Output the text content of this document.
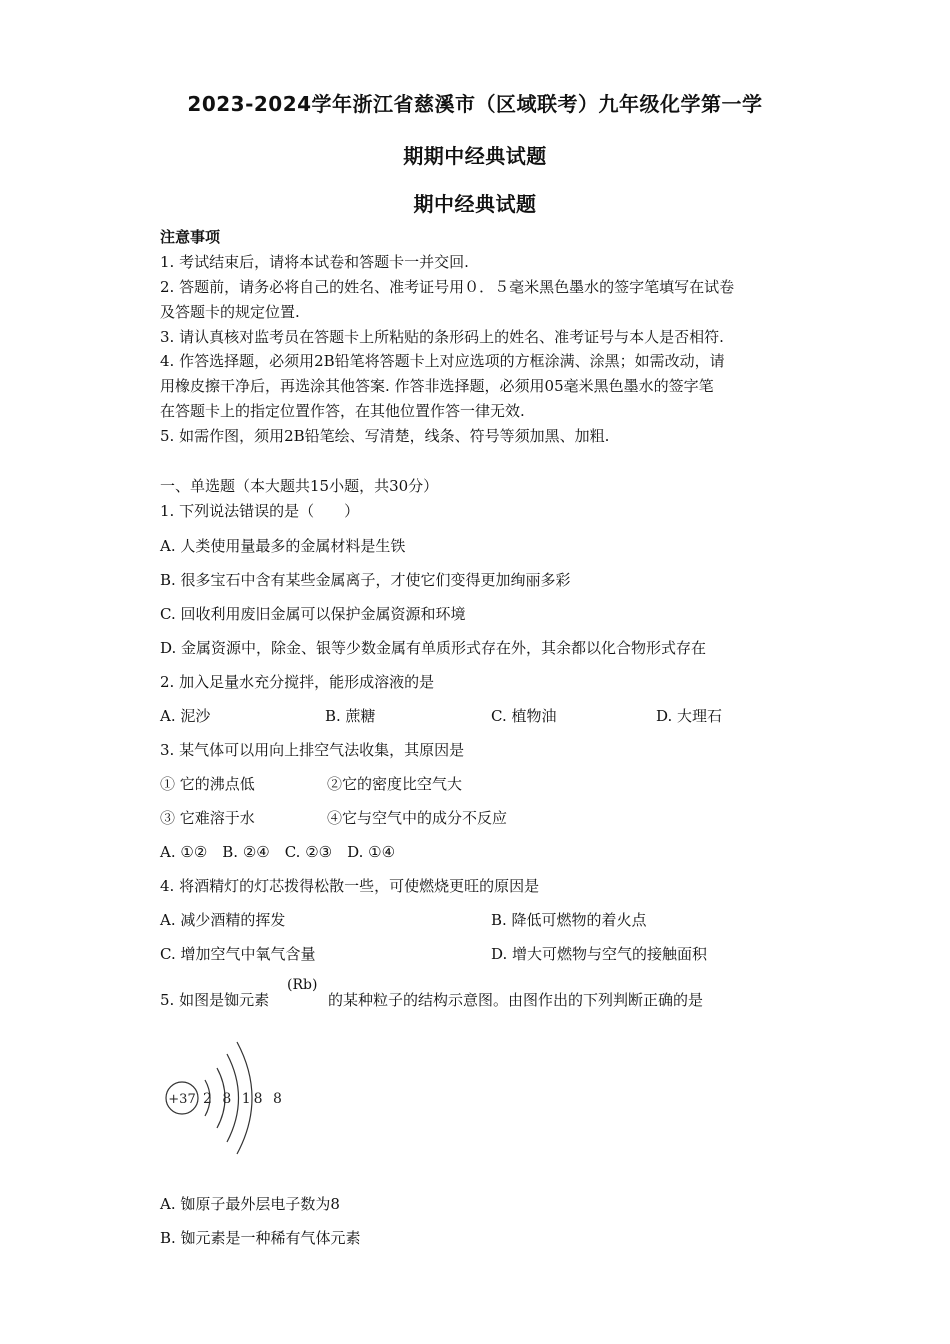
2023-2024学年浙江省慈溪市（区域联考）九年级化学第一学
期期中经典试题
期中经典试题
注意事项
1. 考试结束后，请将本试卷和答题卡一并交回.
2. 答题前，请务必将自己的姓名、准考证号用０．５毫米黑色墨水的签字笔填写在试卷
及答题卡的规定位置.
3. 请认真核对监考员在答题卡上所粘贴的条形码上的姓名、准考证号与本人是否相符.
4. 作答选择题，必须用2B铅笔将答题卡上对应选项的方框涂满、涂黑；如需改动，请
用橡皮擦干净后，再选涂其他答案. 作答非选择题，必须用05毫米黑色墨水的签字笔
在答题卡上的指定位置作答，在其他位置作答一律无效.
5. 如需作图，须用2B铅笔绘、写清楚，线条、符号等须加黑、加粗.
一、单选题（本大题共15小题，共30分）
1. 下列说法错误的是（　　）
A. 人类使用量最多的金属材料是生铁
B. 很多宝石中含有某些金属离子，才使它们变得更加绚丽多彩
C. 回收利用废旧金属可以保护金属资源和环境
D. 金属资源中，除金、银等少数金属有单质形式存在外，其余都以化合物形式存在
2. 加入足量水充分搅拌，能形成溶液的是
A. 泥沙	B. 蔗糖	C. 植物油	D. 大理石
3. 某气体可以用向上排空气法收集，其原因是
① 它的沸点低	②它的密度比空气大
③ 它难溶于水	④它与空气中的成分不反应
A. ①②　B. ②④　C. ②③　D. ①④
4. 将酒精灯的灯芯拨得松散一些，可使燃烧更旺的原因是
A. 减少酒精的挥发	B. 降低可燃物的着火点
C. 增加空气中氧气含量	D. 增大可燃物与空气的接触面积
5. 如图是铷元素
(Rb)
的某种粒子的结构示意图。由图作出的下列判断正确的是
+37 2 8 18 8
A. 铷原子最外层电子数为8
B. 铷元素是一种稀有气体元素
